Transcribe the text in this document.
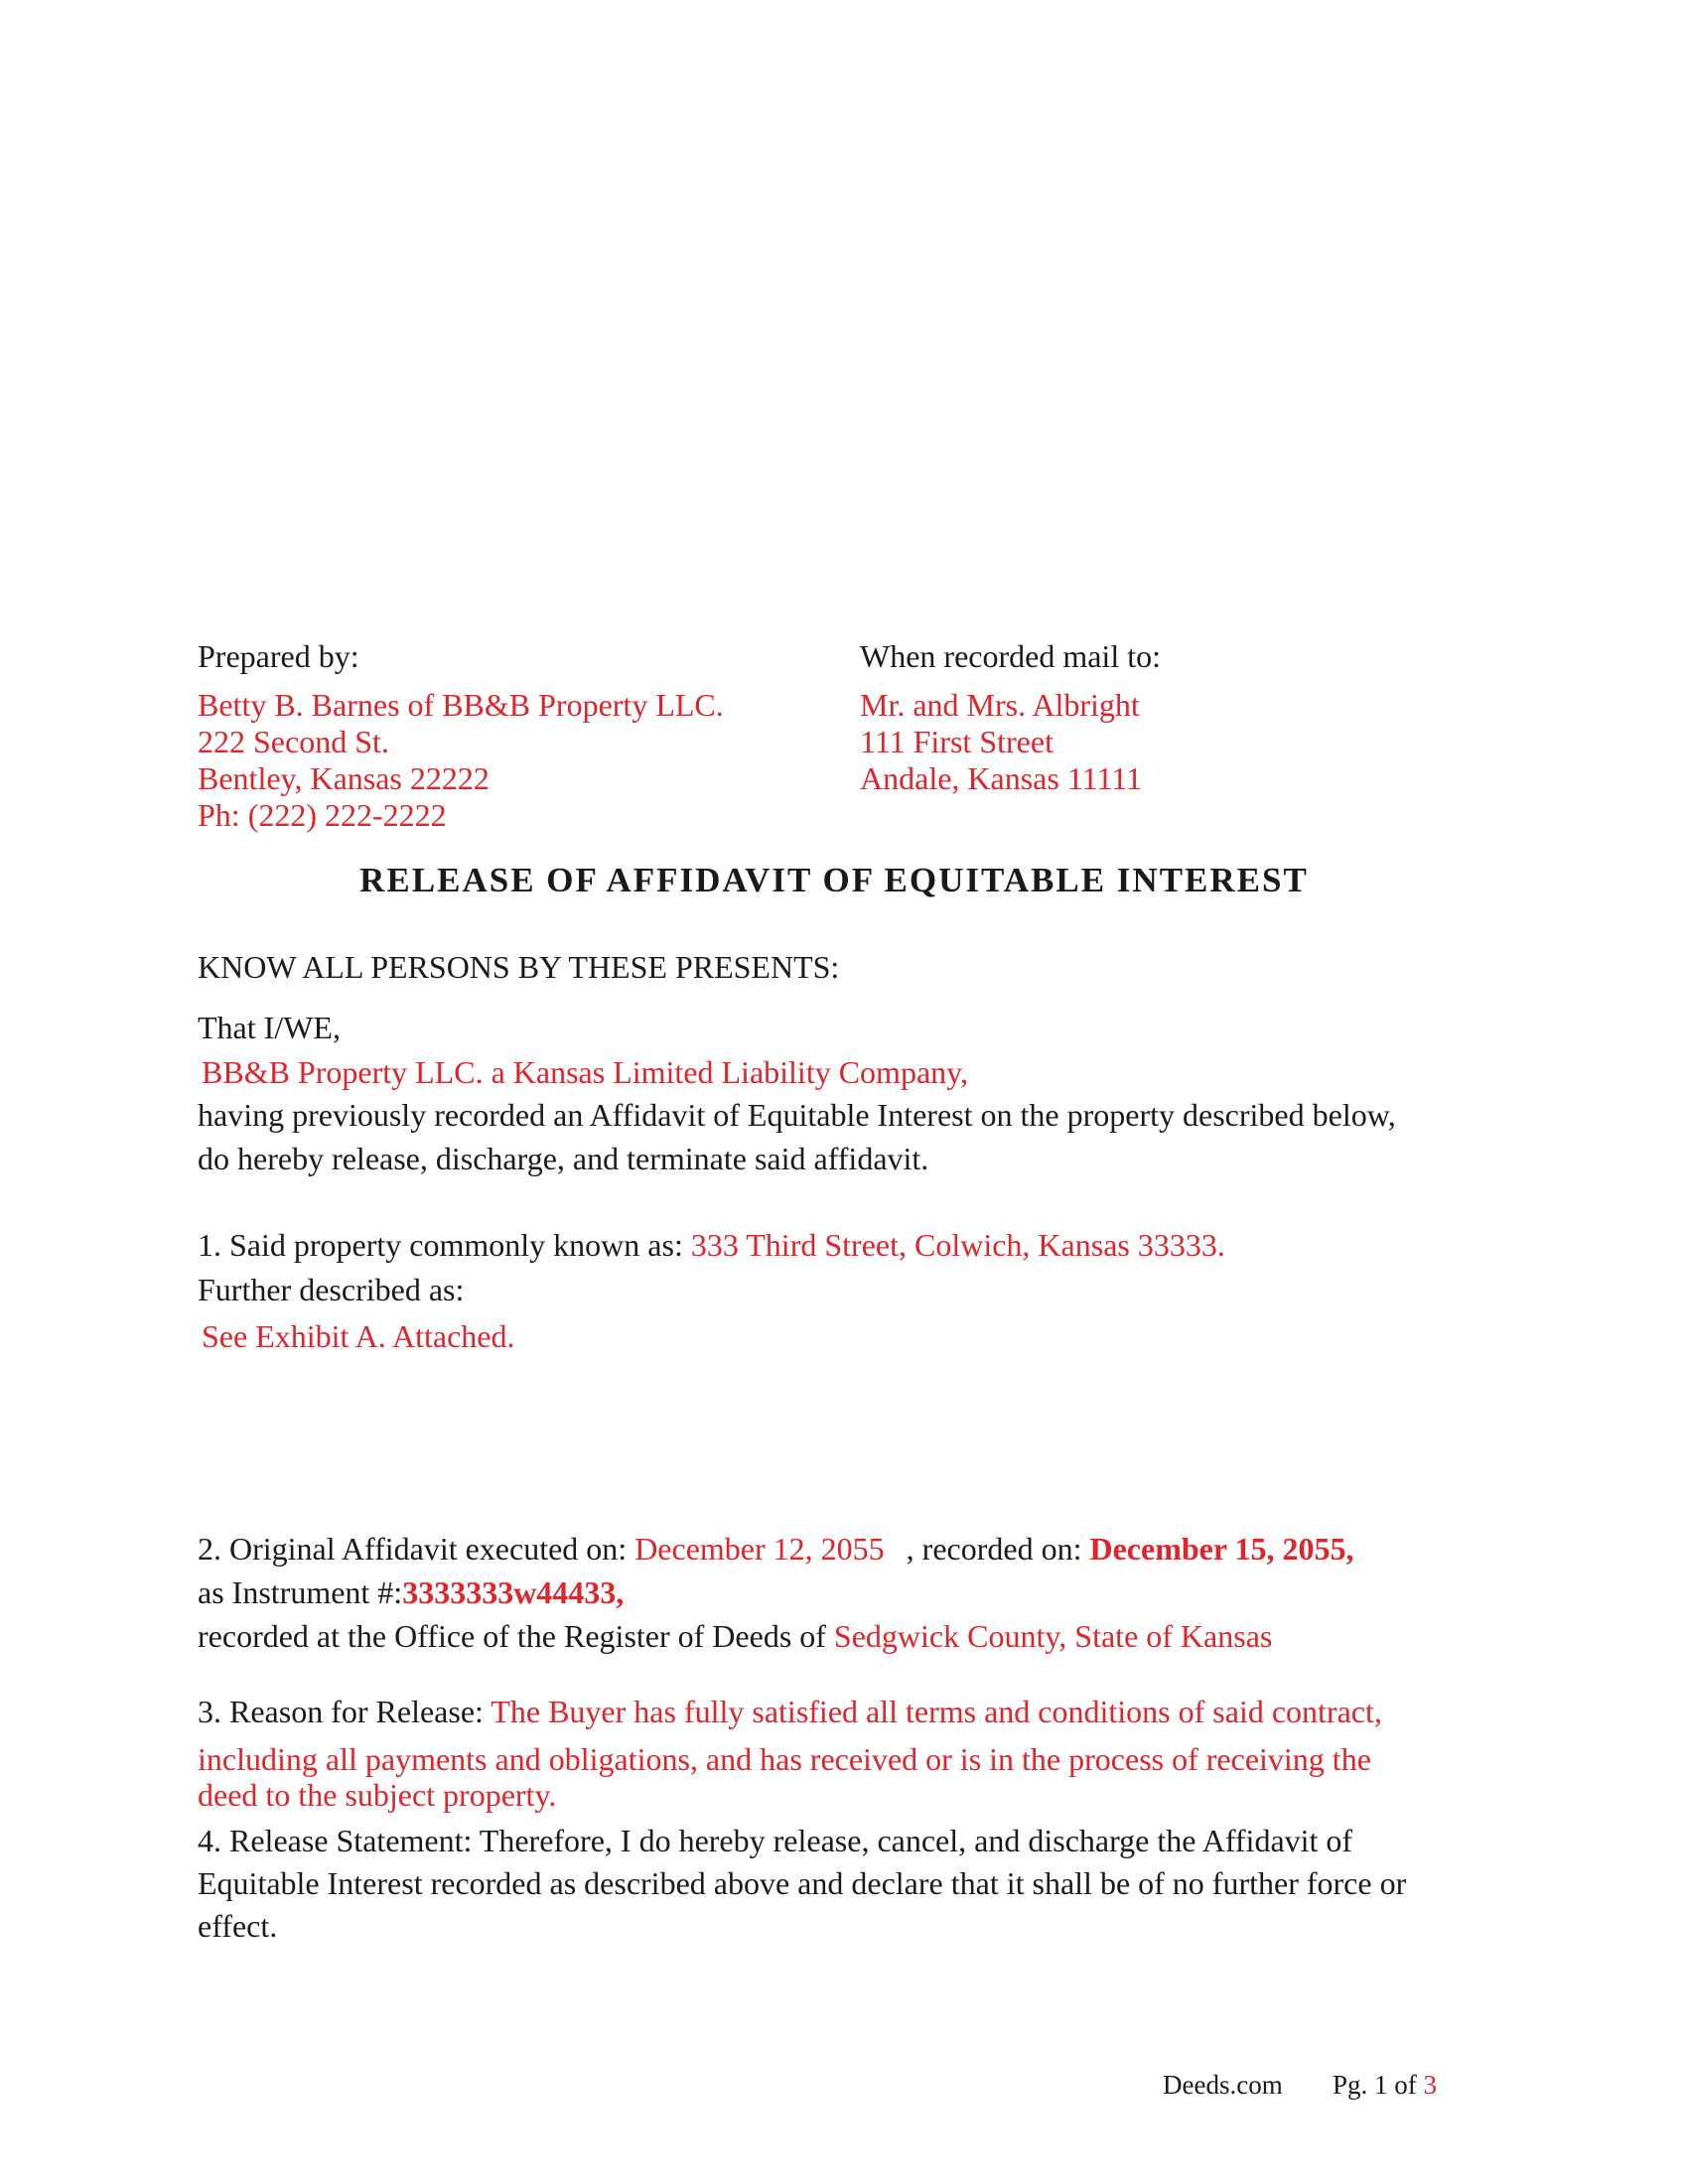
Prepared by:
Betty B. Barnes of BB&B Property LLC.
222 Second St.
Bentley, Kansas 22222
Ph: (222) 222-2222
When recorded mail to:
Mr. and Mrs. Albright
111 First Street
Andale, Kansas 11111
RELEASE OF AFFIDAVIT OF EQUITABLE INTEREST
KNOW ALL PERSONS BY THESE PRESENTS:
That I/WE,
BB&B Property LLC. a Kansas Limited Liability Company,
having previously recorded an Affidavit of Equitable Interest on the property described below,
do hereby release, discharge, and terminate said affidavit.
1. Said property commonly known as: 333 Third Street, Colwich, Kansas 33333.
Further described as:
See Exhibit A. Attached.
2. Original Affidavit executed on: December 12, 2055 , recorded on: December 15, 2055,
as Instrument #:3333333w44433,
recorded at the Office of the Register of Deeds of Sedgwick County, State of Kansas
3. Reason for Release: The Buyer has fully satisfied all terms and conditions of said contract,
including all payments and obligations, and has received or is in the process of receiving the
deed to the subject property.
4. Release Statement: Therefore, I do hereby release, cancel, and discharge the Affidavit of
Equitable Interest recorded as described above and declare that it shall be of no further force or
effect.
Deeds.com Pg. 1 of 3
